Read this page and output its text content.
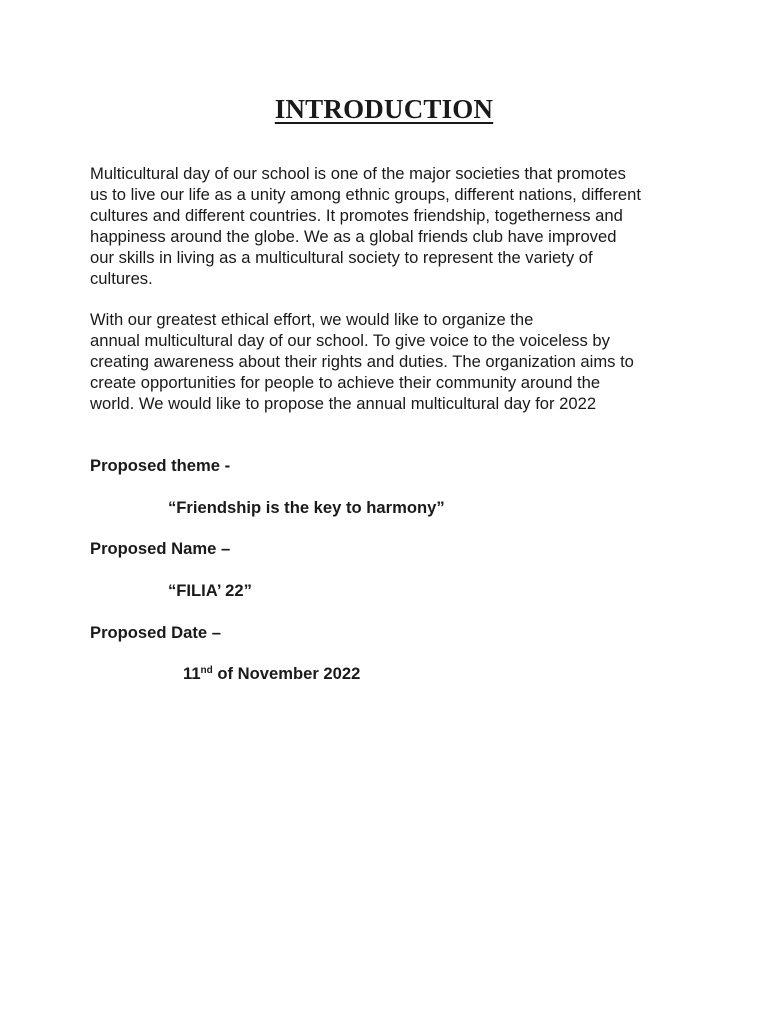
INTRODUCTION

Multicultural day of our school is one of the major societies that promotes
us to live our life as a unity among ethnic groups, different nations, different
cultures and different countries. It promotes friendship, togetherness and
happiness around the globe. We as a global friends club have improved
our skills in living as a multicultural society to represent the variety of
cultures.

With our greatest ethical effort, we would like to organize the
annual multicultural day of our school. To give voice to the voiceless by
creating awareness about their rights and duties. The organization aims to
create opportunities for people to achieve their community around the
world. We would like to propose the annual multicultural day for 2022

Proposed theme -

“Friendship is the key to harmony”

Proposed Name –

“FILIA’ 22”

Proposed Date –

11nd of November 2022
